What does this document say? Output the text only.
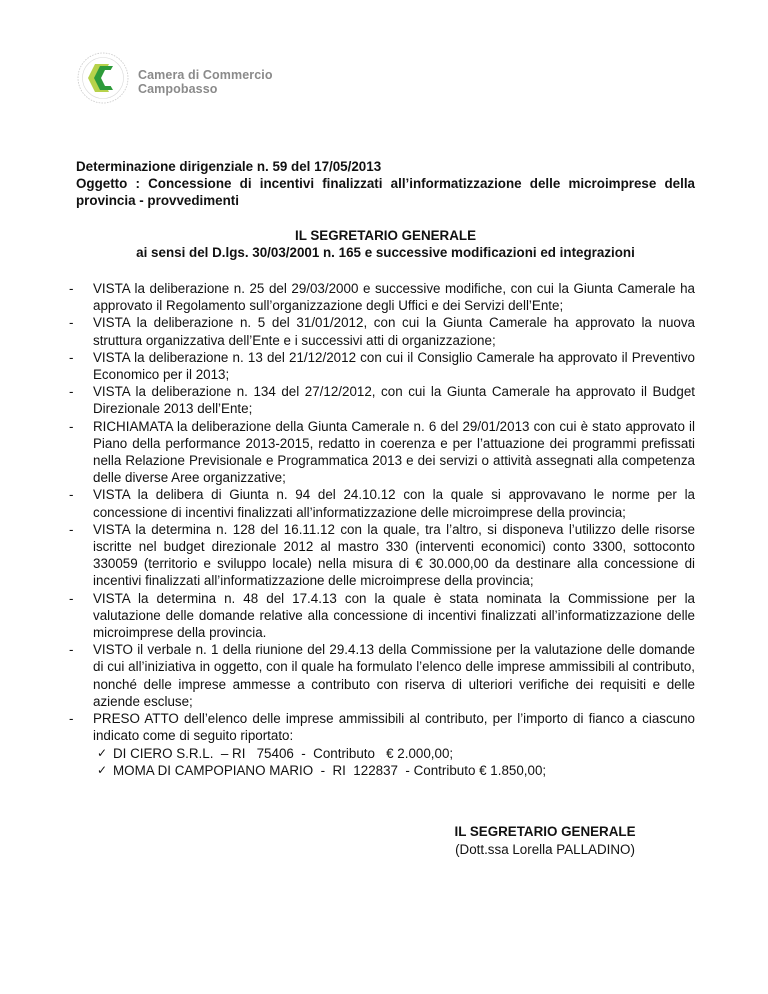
Camera di Commercio
Campobasso

Determinazione dirigenziale n. 59 del 17/05/2013

Oggetto : Concessione di incentivi finalizzati all’informatizzazione delle microimprese della provincia - provvedimenti

IL SEGRETARIO GENERALE
ai sensi del D.lgs. 30/03/2001 n. 165 e successive modificazioni ed integrazioni
- VISTA la deliberazione n. 25 del 29/03/2000 e successive modifiche, con cui la Giunta Camerale ha approvato il Regolamento sull’organizzazione degli Uffici e dei Servizi dell’Ente;
- VISTA la deliberazione n. 5 del 31/01/2012, con cui la Giunta Camerale ha approvato la nuova struttura organizzativa dell’Ente e i successivi atti di organizzazione;
- VISTA la deliberazione n. 13 del 21/12/2012 con cui il Consiglio Camerale ha approvato il Preventivo Economico per il 2013;
- VISTA la deliberazione n. 134 del 27/12/2012, con cui la Giunta Camerale ha approvato il Budget Direzionale 2013 dell’Ente;
- RICHIAMATA la deliberazione della Giunta Camerale n. 6 del 29/01/2013 con cui è stato approvato il Piano della performance 2013-2015, redatto in coerenza e per l’attuazione dei programmi prefissati nella Relazione Previsionale e Programmatica 2013 e dei servizi o attività assegnati alla competenza delle diverse Aree organizzative;
- VISTA la delibera di Giunta n. 94 del 24.10.12 con la quale si approvavano le norme per la concessione di incentivi finalizzati all’informatizzazione delle microimprese della provincia;
- VISTA la determina n. 128 del 16.11.12 con la quale, tra l’altro, si disponeva l’utilizzo delle risorse iscritte nel budget direzionale 2012 al mastro 330 (interventi economici) conto 3300, sottoconto 330059 (territorio e sviluppo locale) nella misura di € 30.000,00 da destinare alla concessione di incentivi finalizzati all’informatizzazione delle microimprese della provincia;
- VISTA la determina n. 48 del 17.4.13 con la quale è stata nominata la Commissione per la valutazione delle domande relative alla concessione di incentivi finalizzati all’informatizzazione delle microimprese della provincia.
- VISTO il verbale n. 1 della riunione del 29.4.13 della Commissione per la valutazione delle domande di cui all’iniziativa in oggetto, con il quale ha formulato l’elenco delle imprese ammissibili al contributo, nonché delle imprese ammesse a contributo con riserva di ulteriori verifiche dei requisiti e delle aziende escluse;
- PRESO ATTO dell’elenco delle imprese ammissibili al contributo, per l’importo di fianco a ciascuno indicato come di seguito riportato:
✓ DI CIERO S.R.L.  – RI   75406  -  Contributo   € 2.000,00;
✓ MOMA DI CAMPOPIANO MARIO  -  RI  122837  - Contributo € 1.850,00;
IL SEGRETARIO GENERALE
(Dott.ssa Lorella PALLADINO)
